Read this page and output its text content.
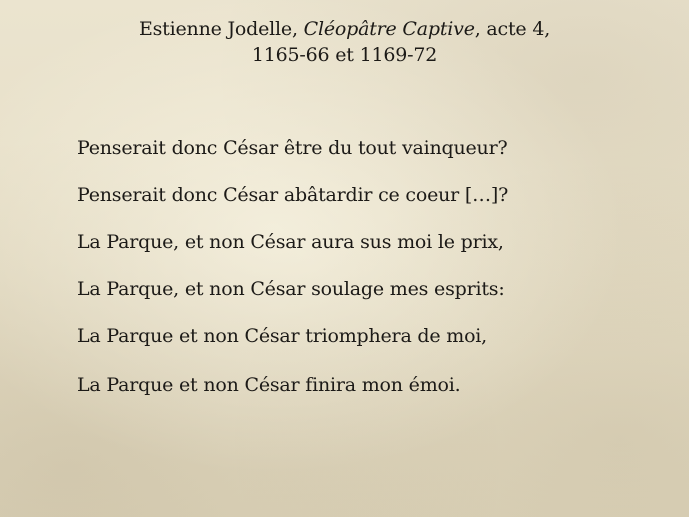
Estienne Jodelle, Cléopâtre Captive, acte 4,
1165-66 et 1169-72
Penserait donc César être du tout vainqueur?
Penserait donc César abâtardir ce coeur […]?
La Parque, et non César aura sus moi le prix,
La Parque, et non César soulage mes esprits:
La Parque et non César triomphera de moi,
La Parque et non César finira mon émoi.
